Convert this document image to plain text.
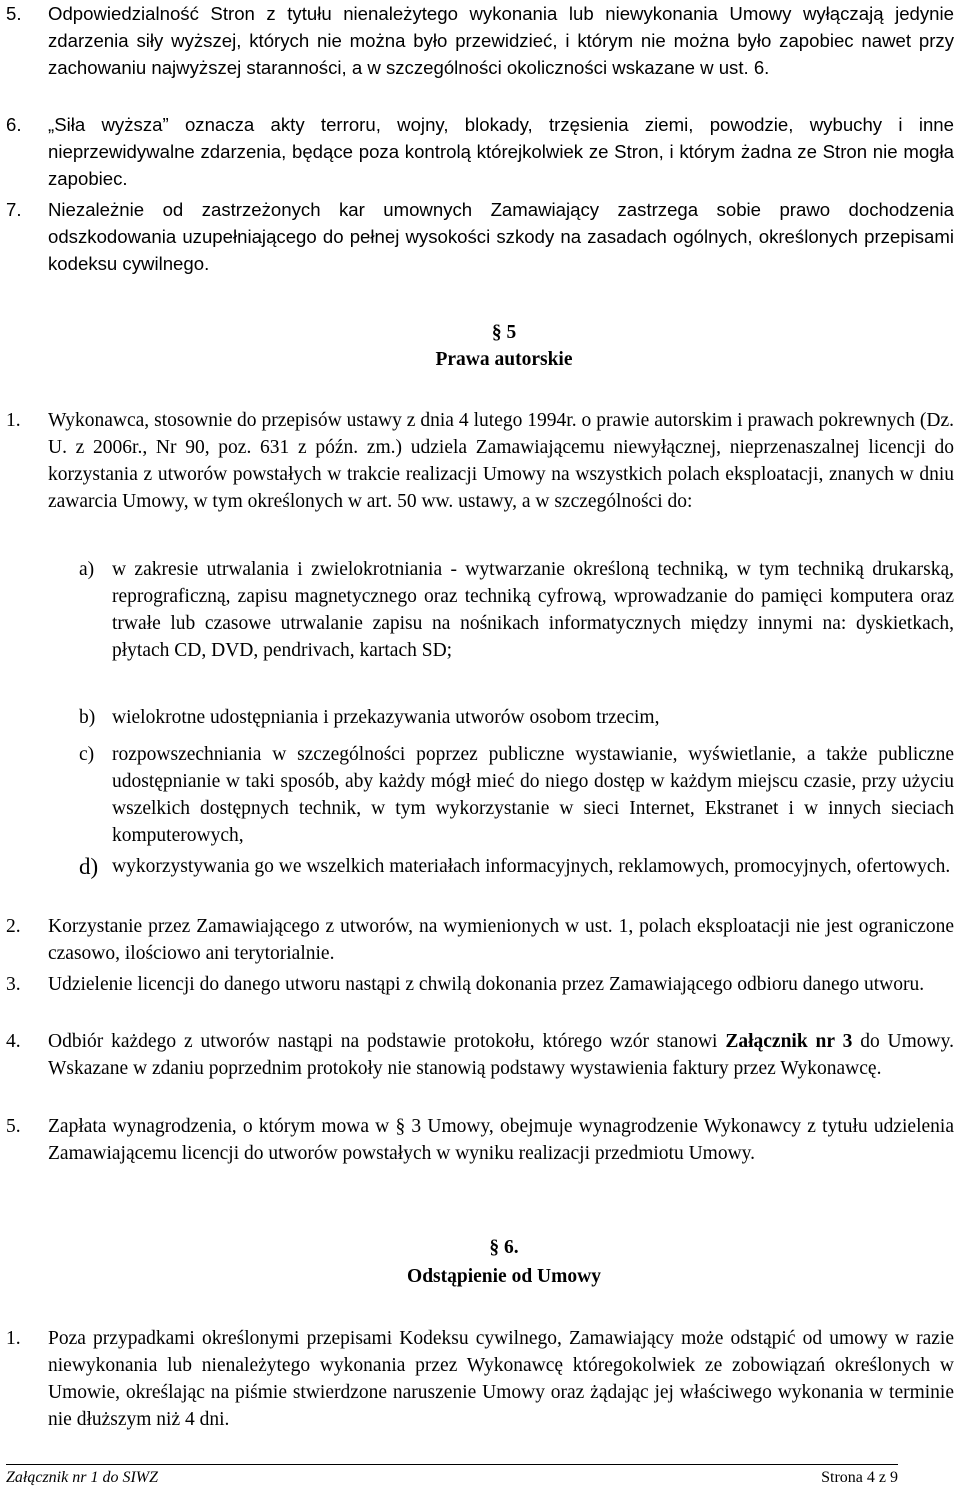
5. Odpowiedzialność Stron z tytułu nienależytego wykonania lub niewykonania Umowy wyłączają jedynie zdarzenia siły wyższej, których nie można było przewidzieć, i którym nie można było zapobiec nawet przy zachowaniu najwyższej staranności, a w szczególności okoliczności wskazane w ust. 6.
6. „Siła wyższa” oznacza akty terroru, wojny, blokady, trzęsienia ziemi, powodzie, wybuchy i inne nieprzewidywalne zdarzenia, będące poza kontrolą którejkolwiek ze Stron, i którym żadna ze Stron nie mogła zapobiec.
7. Niezależnie od zastrzeżonych kar umownych Zamawiający zastrzega sobie prawo dochodzenia odszkodowania uzupełniającego do pełnej wysokości szkody na zasadach ogólnych, określonych przepisami kodeksu cywilnego.
§ 5
Prawa autorskie
1. Wykonawca, stosownie do przepisów ustawy z dnia 4 lutego 1994r. o prawie autorskim i prawach pokrewnych (Dz. U. z 2006r., Nr 90, poz. 631 z późn. zm.) udziela Zamawiającemu niewyłącznej, nieprzenaszalnej licencji do korzystania z utworów powstałych w trakcie realizacji Umowy na wszystkich polach eksploatacji, znanych w dniu zawarcia Umowy, w tym określonych w art. 50 ww. ustawy, a w szczególności do:
a) w zakresie utrwalania i zwielokrotniania - wytwarzanie określoną techniką, w tym techniką drukarską, reprograficzną, zapisu magnetycznego oraz techniką cyfrową, wprowadzanie do pamięci komputera oraz trwałe lub czasowe utrwalanie zapisu na nośnikach informatycznych między innymi na: dyskietkach, płytach CD, DVD, pendrivach, kartach SD;
b) wielokrotne udostępniania i przekazywania utworów osobom trzecim,
c) rozpowszechniania w szczególności poprzez publiczne wystawianie, wyświetlanie, a także publiczne udostępnianie w taki sposób, aby każdy mógł mieć do niego dostęp w każdym miejscu czasie, przy użyciu wszelkich dostępnych technik, w tym wykorzystanie w sieci Internet, Ekstranet i w innych sieciach komputerowych,
d) wykorzystywania go we wszelkich materiałach informacyjnych, reklamowych, promocyjnych, ofertowych.
2. Korzystanie przez Zamawiającego z utworów, na wymienionych w ust. 1, polach eksploatacji nie jest ograniczone czasowo, ilościowo ani terytorialnie.
3. Udzielenie licencji do danego utworu nastąpi z chwilą dokonania przez Zamawiającego odbioru danego utworu.
4. Odbiór każdego z utworów nastąpi na podstawie protokołu, którego wzór stanowi Załącznik nr 3 do Umowy. Wskazane w zdaniu poprzednim protokoły nie stanowią podstawy wystawienia faktury przez Wykonawcę.
5. Zapłata wynagrodzenia, o którym mowa w § 3 Umowy, obejmuje wynagrodzenie Wykonawcy z tytułu udzielenia Zamawiającemu licencji do utworów powstałych w wyniku realizacji przedmiotu Umowy.
§ 6.
Odstąpienie od Umowy
1. Poza przypadkami określonymi przepisami Kodeksu cywilnego, Zamawiający może odstąpić od umowy w razie niewykonania lub nienależytego wykonania przez Wykonawcę któregokolwiek ze zobowiązań określonych w Umowie, określając na piśmie stwierdzone naruszenie Umowy oraz żądając jej właściwego wykonania w terminie nie dłuższym niż 4 dni.
Załącznik nr 1 do SIWZ	Strona 4 z 9
